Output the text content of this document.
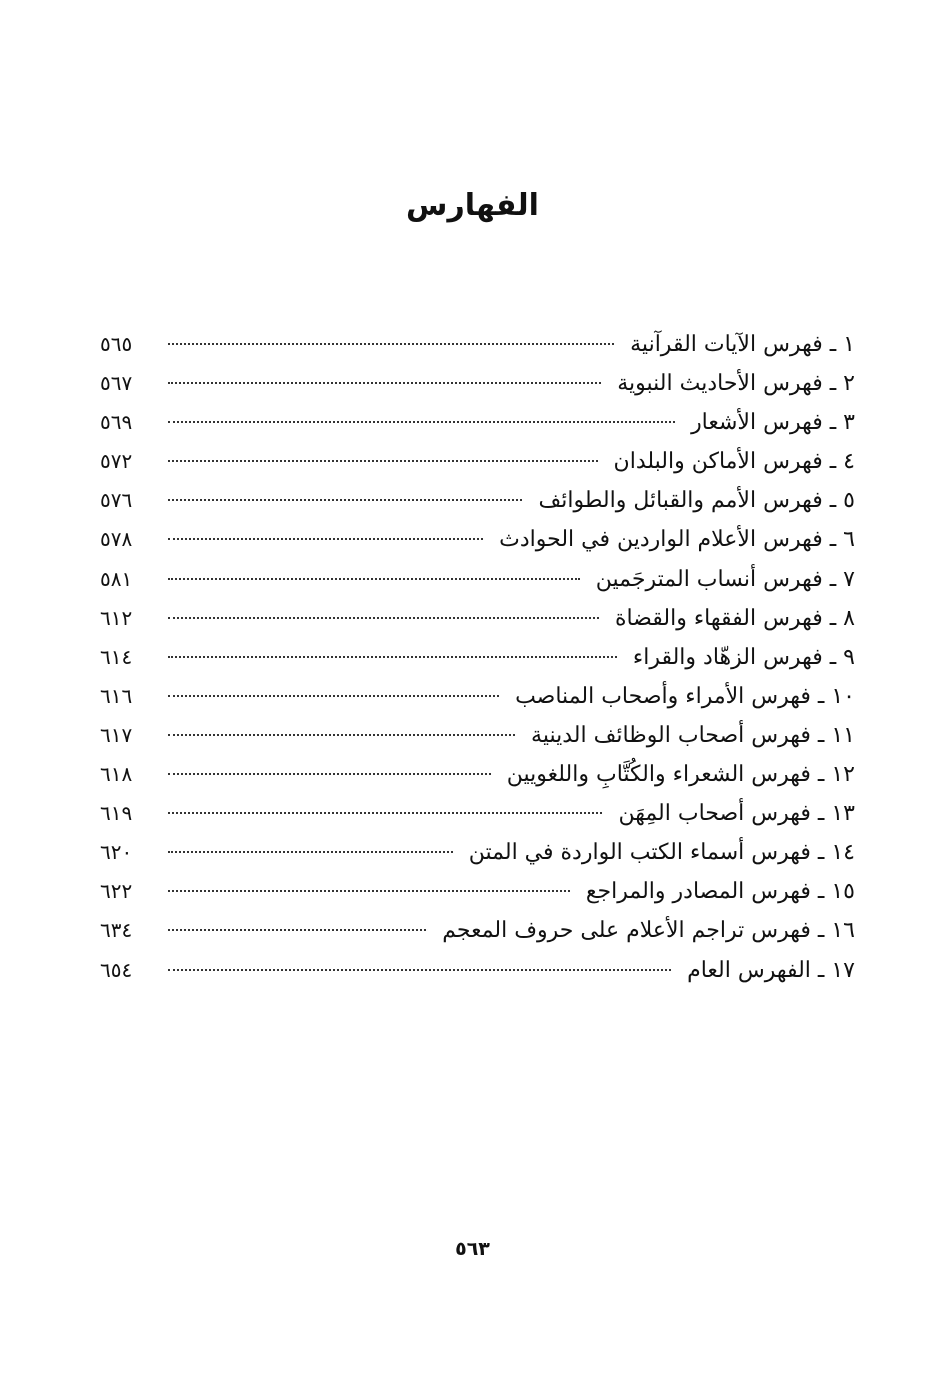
الفهارس
١ ـ فهرس الآيات القرآنية
٥٦٥
٢ ـ فهرس الأحاديث النبوية
٥٦٧
٣ ـ فهرس الأشعار
٥٦٩
٤ ـ فهرس الأماكن والبلدان
٥٧٢
٥ ـ فهرس الأمم والقبائل والطوائف
٥٧٦
٦ ـ فهرس الأعلام الواردين في الحوادث
٥٧٨
٧ ـ فهرس أنساب المترجَمين
٥٨١
٨ ـ فهرس الفقهاء والقضاة
٦١٢
٩ ـ فهرس الزهّاد والقراء
٦١٤
١٠ ـ فهرس الأمراء وأصحاب المناصب
٦١٦
١١ ـ فهرس أصحاب الوظائف الدينية
٦١٧
١٢ ـ فهرس الشعراء والكُتَّابِ واللغويين
٦١٨
١٣ ـ فهرس أصحاب المِهَن
٦١٩
١٤ ـ فهرس أسماء الكتب الواردة في المتن
٦٢٠
١٥ ـ فهرس المصادر والمراجع
٦٢٢
١٦ ـ فهرس تراجم الأعلام على حروف المعجم
٦٣٤
١٧ ـ الفهرس العام
٦٥٤
٥٦٣
